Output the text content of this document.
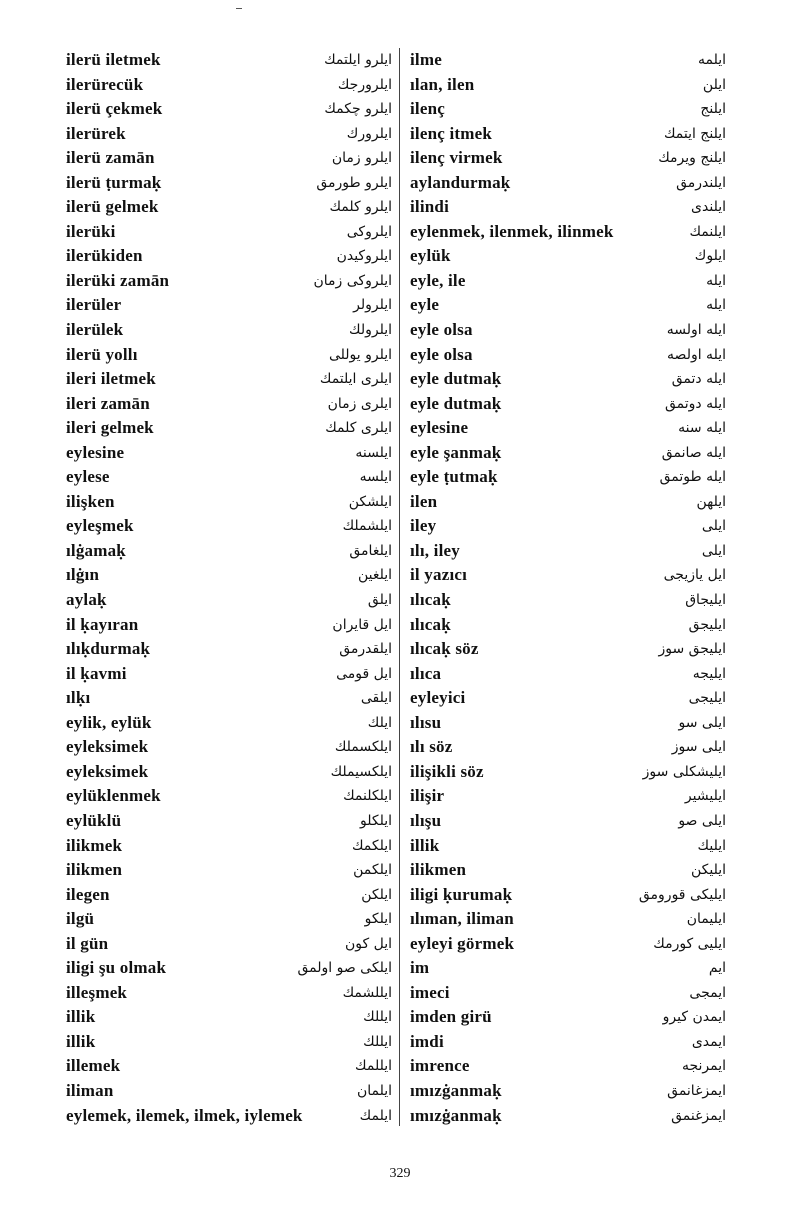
ilerü iletmek	ایلرو ایلتمك
ilerürecük	ایلرورجك
ilerü çekmek	ایلرو چكمك
ilerürek	ایلرورك
ilerü zamān	ایلرو زمان
ilerü ṭurmaḳ	ایلرو طورمق
ilerü gelmek	ایلرو كلمك
ilerüki	ایلروكی
ilerükiden	ایلروكیدن
ilerüki zamān	ایلروكی زمان
ilerüler	ایلرولر
ilerülek	ایلرولك
ilerü yollı	ایلرو یوللی
ileri iletmek	ایلری ایلتمك
ileri zamān	ایلری زمان
ileri gelmek	ایلری كلمك
eylesine	ایلسنه
eylese	ایلسه
ilişken	ایلشكن
eyleşmek	ایلشملك
ılġamaḳ	ایلغامق
ılġın	ایلغین
aylaḳ	ایلق
il ḳayıran	ایل قایران
ılıḳdurmaḳ	ایلقدرمق
il ḳavmi	ایل قومی
ılḳı	ایلقی
eylik, eylük	ایلك
eyleksimek	ایلكسملك
eyleksimek	ایلكسیملك
eylüklenmek	ایلكلنمك
eylüklü	ایلكلو
ilikmek	ایلكمك
ilikmen	ایلكمن
ilegen	ایلكن
ilgü	ایلكو
il gün	ایل كون
iligi şu olmak	ایلكی صو اولمق
illeşmek	ایللشمك
illik	ایللك
illik	ایللك
illemek	ایللمك
iliman	ایلمان
eylemek, ilemek, ilmek, iylemek	ایلمك
ilme	ایلمه
ılan, ilen	ایلن
ilenç	ایلنج
ilenç itmek	ایلنج ایتمك
ilenç virmek	ایلنج ویرمك
aylandurmaḳ	ایلندرمق
ilindi	ایلندی
eylenmek, ilenmek, ilinmek	ایلنمك
eylük	ایلوك
eyle, ile	ایله
eyle	ایله
eyle olsa	ایله اولسه
eyle olsa	ایله اولصه
eyle dutmaḳ	ایله دتمق
eyle dutmaḳ	ایله دوتمق
eylesine	ایله سنه
eyle şanmaḳ	ایله صانمق
eyle ṭutmaḳ	ایله طوتمق
ilen	ایلهن
iley	ایلی
ılı, iley	ایلی
il yazıcı	ایل یازیجی
ılıcaḳ	ایلیجاق
ılıcaḳ	ایلیجق
ılıcaḳ söz	ایلیجق سوز
ılıca	ایلیجه
eyleyici	ایلیجی
ılısu	ایلی سو
ılı söz	ایلی سوز
ilişikli söz	ایلیشكلی سوز
ilişir	ایلیشیر
ılışu	ایلی صو
illik	ایلیك
ilikmen	ایلیكن
iligi ḳurumaḳ	ایلیكی قورومق
ılıman, iliman	ایلیمان
eyleyi görmek	ایلیی كورمك
im	ایم
imeci	ایمجی
imden girü	ایمدن كیرو
imdi	ایمدی
imrence	ایمرنجه
ımızġanmaḳ	ایمزغانمق
ımızġanmaḳ	ایمزغنمق
329
